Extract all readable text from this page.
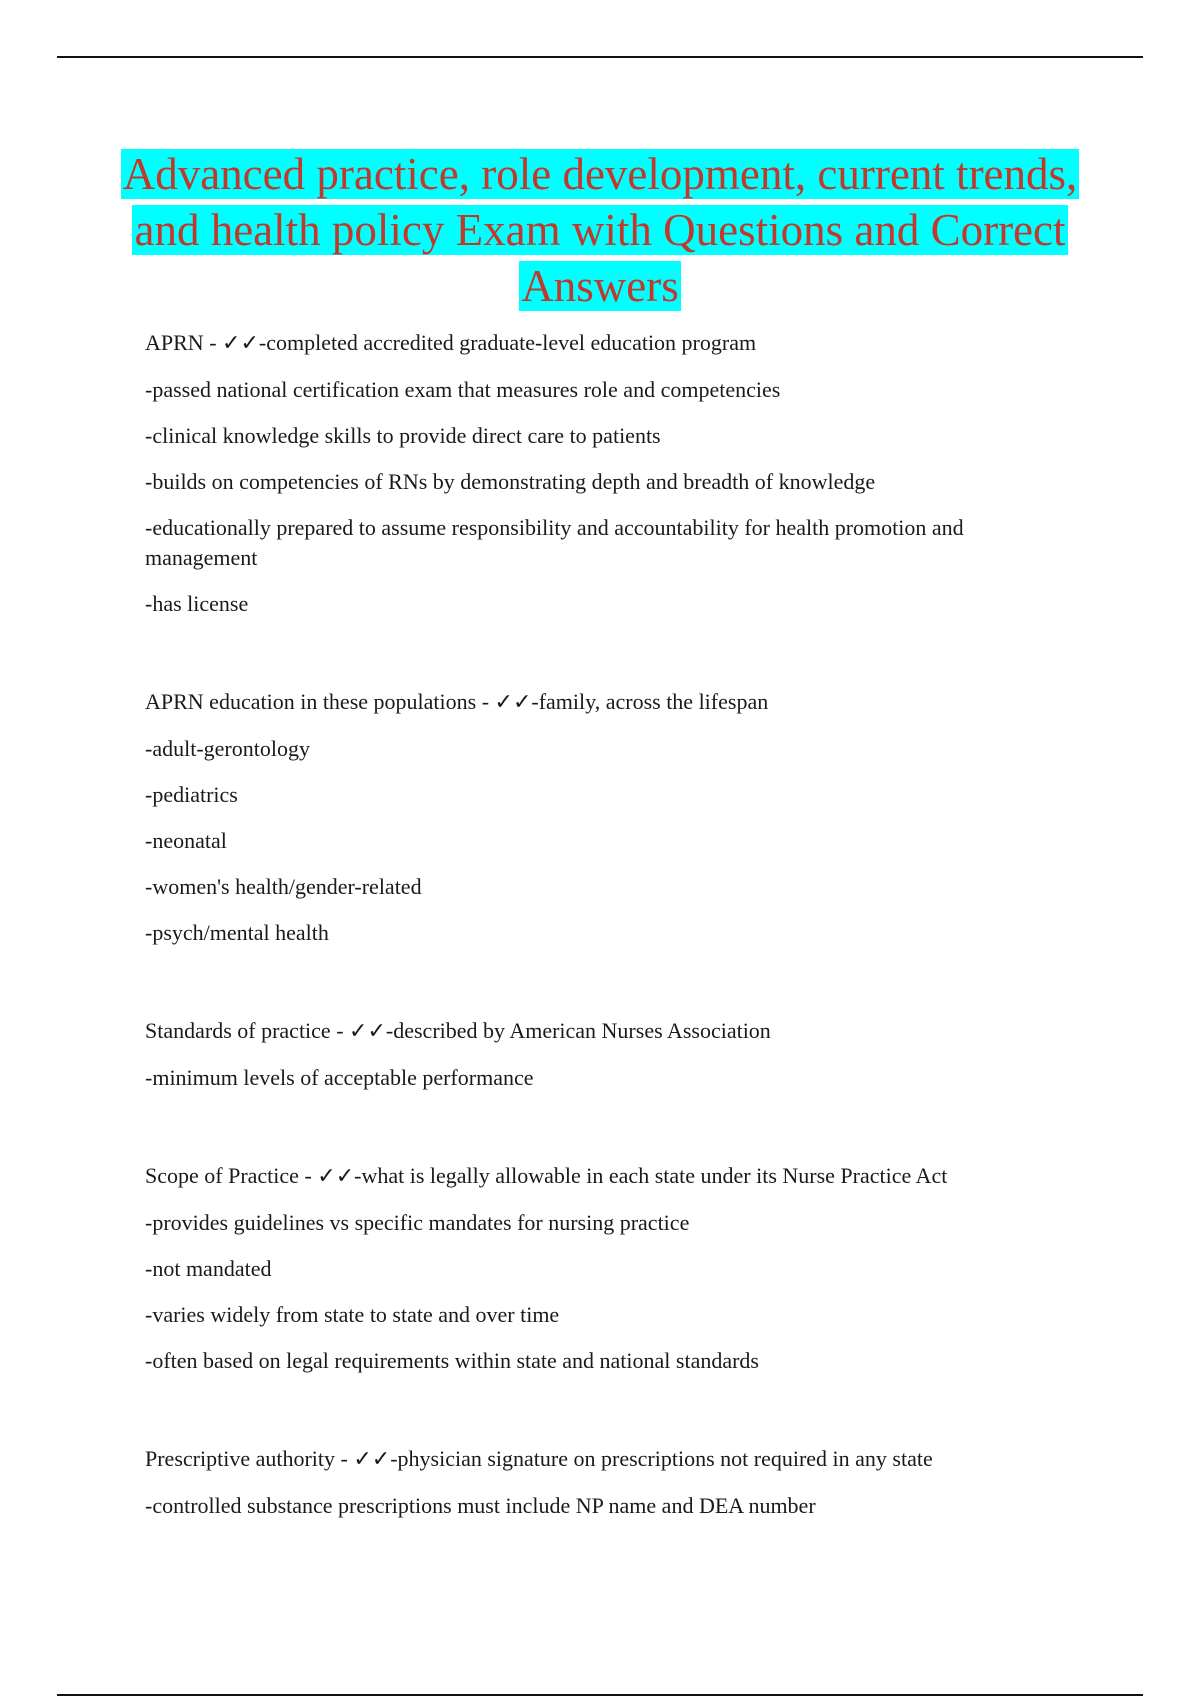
Advanced practice, role development, current trends, and health policy Exam with Questions and Correct Answers

APRN - ✓✓-completed accredited graduate-level education program

-passed national certification exam that measures role and competencies

-clinical knowledge skills to provide direct care to patients

-builds on competencies of RNs by demonstrating depth and breadth of knowledge

-educationally prepared to assume responsibility and accountability for health promotion and management

-has license

APRN education in these populations - ✓✓-family, across the lifespan

-adult-gerontology

-pediatrics

-neonatal

-women's health/gender-related

-psych/mental health

Standards of practice - ✓✓-described by American Nurses Association

-minimum levels of acceptable performance

Scope of Practice - ✓✓-what is legally allowable in each state under its Nurse Practice Act

-provides guidelines vs specific mandates for nursing practice

-not mandated

-varies widely from state to state and over time

-often based on legal requirements within state and national standards

Prescriptive authority - ✓✓-physician signature on prescriptions not required in any state

-controlled substance prescriptions must include NP name and DEA number
